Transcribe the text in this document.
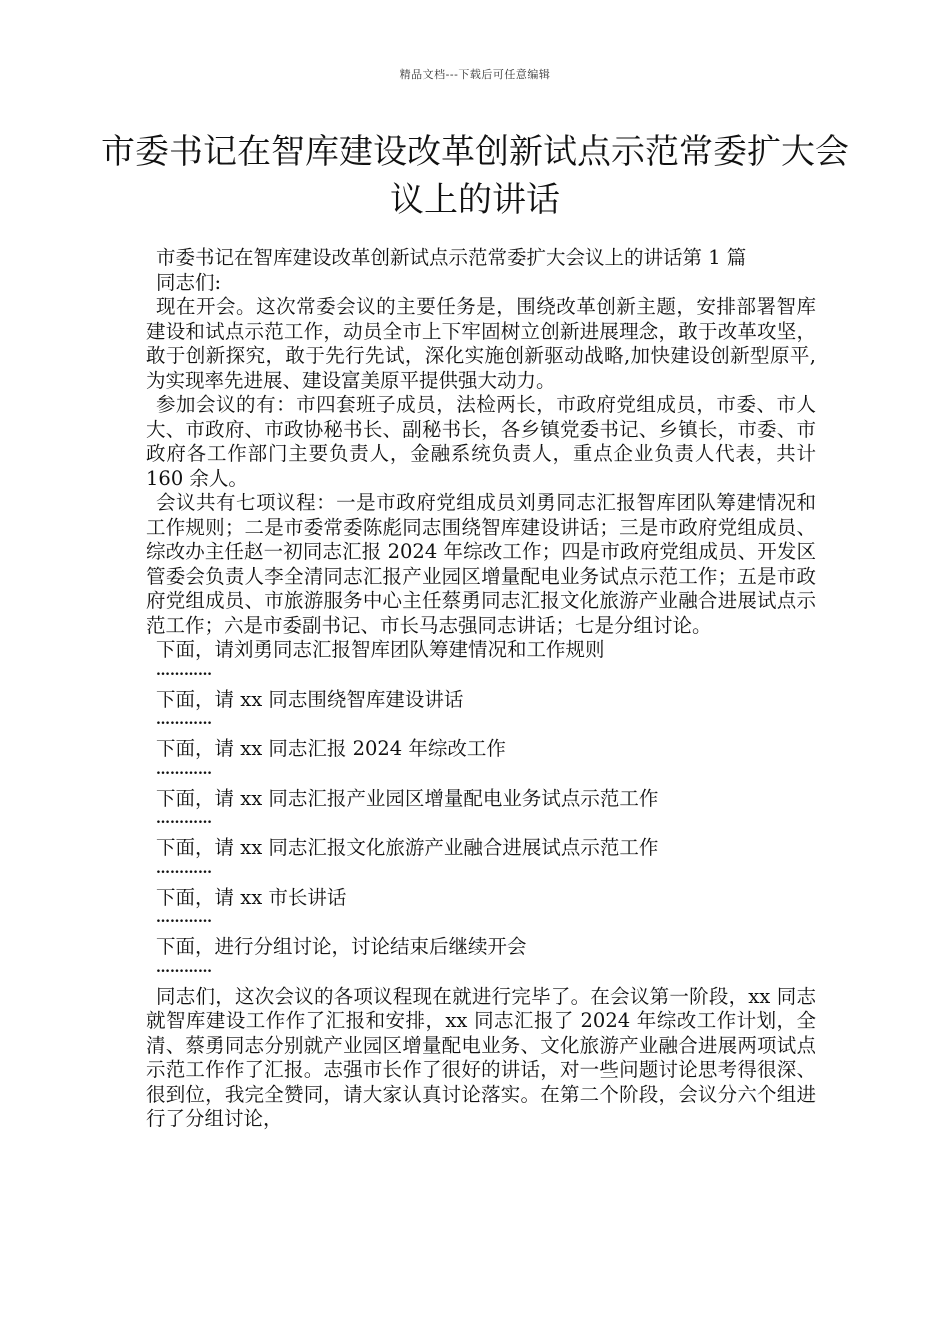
精品文档---下载后可任意编辑
市委书记在智库建设改革创新试点示范常委扩大会议上的讲话

市委书记在智库建设改革创新试点示范常委扩大会议上的讲话第 1 篇

同志们:

现在开会。这次常委会议的主要任务是，围绕改革创新主题，安排部署智库建设和试点示范工作，动员全市上下牢固树立创新进展理念，敢于改革攻坚，敢于创新探究，敢于先行先试，深化实施创新驱动战略,加快建设创新型原平,为实现率先进展、建设富美原平提供强大动力。

参加会议的有：市四套班子成员，法检两长，市政府党组成员，市委、市人大、市政府、市政协秘书长、副秘书长，各乡镇党委书记、乡镇长，市委、市政府各工作部门主要负责人，金融系统负责人，重点企业负责人代表，共计 160 余人。

会议共有七项议程：一是市政府党组成员刘勇同志汇报智库团队筹建情况和工作规则；二是市委常委陈彪同志围绕智库建设讲话；三是市政府党组成员、综改办主任赵一初同志汇报 2024 年综改工作；四是市政府党组成员、开发区管委会负责人李全清同志汇报产业园区增量配电业务试点示范工作；五是市政府党组成员、市旅游服务中心主任蔡勇同志汇报文化旅游产业融合进展试点示范工作；六是市委副书记、市长马志强同志讲话；七是分组讨论。

下面，请刘勇同志汇报智库团队筹建情况和工作规则

…………

下面，请 xx 同志围绕智库建设讲话

…………

下面，请 xx 同志汇报 2024 年综改工作

…………

下面，请 xx 同志汇报产业园区增量配电业务试点示范工作

…………

下面，请 xx 同志汇报文化旅游产业融合进展试点示范工作

…………

下面，请 xx 市长讲话

…………

下面，进行分组讨论，讨论结束后继续开会

…………

同志们，这次会议的各项议程现在就进行完毕了。在会议第一阶段，xx 同志就智库建设工作作了汇报和安排，xx 同志汇报了 2024 年综改工作计划，全清、蔡勇同志分别就产业园区增量配电业务、文化旅游产业融合进展两项试点示范工作作了汇报。志强市长作了很好的讲话，对一些问题讨论思考得很深、很到位，我完全赞同，请大家认真讨论落实。在第二个阶段，会议分六个组进行了分组讨论，
